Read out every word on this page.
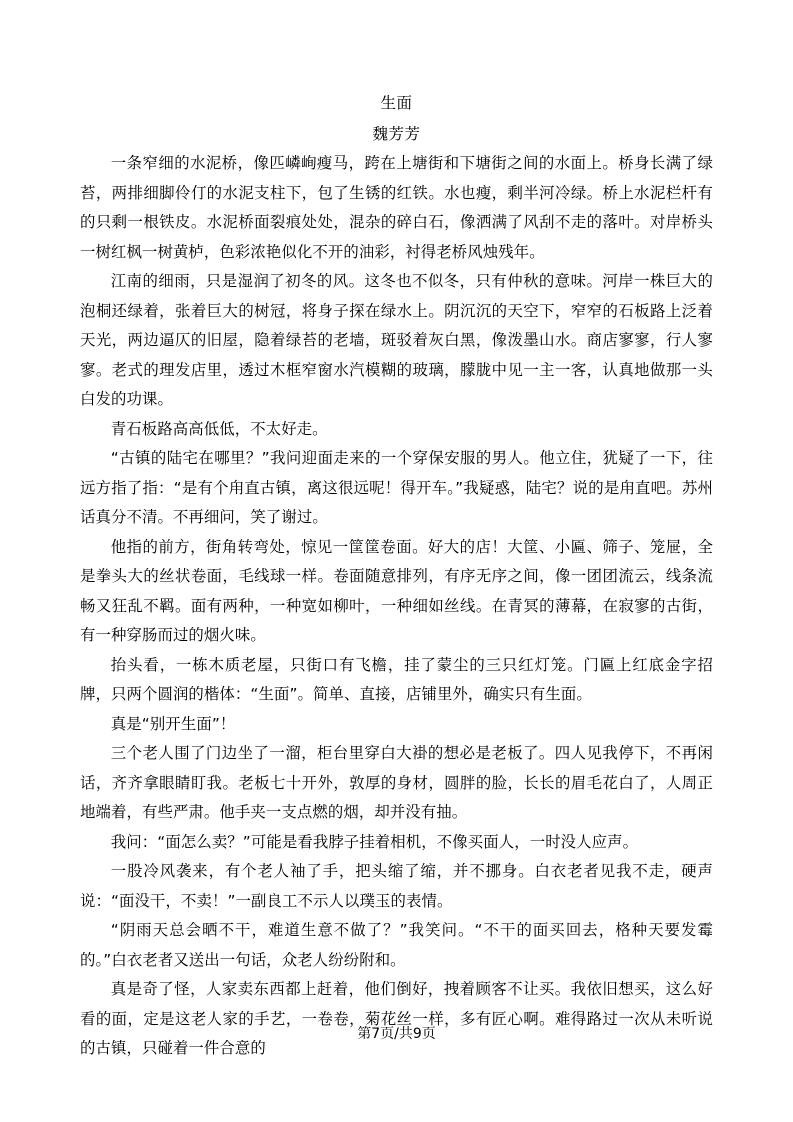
生面
魏芳芳

一条窄细的水泥桥，像匹嶙峋瘦马，跨在上塘街和下塘街之间的水面上。桥身长满了绿苔，两排细脚伶仃的水泥支柱下，包了生锈的红铁。水也瘦，剩半河冷绿。桥上水泥栏杆有的只剩一根铁皮。水泥桥面裂痕处处，混杂的碎白石，像洒满了风刮不走的落叶。对岸桥头一树红枫一树黄栌，色彩浓艳似化不开的油彩，衬得老桥风烛残年。

江南的细雨，只是湿润了初冬的风。这冬也不似冬，只有仲秋的意味。河岸一株巨大的泡桐还绿着，张着巨大的树冠，将身子探在绿水上。阴沉沉的天空下，窄窄的石板路上泛着天光，两边逼仄的旧屋，隐着绿苔的老墙，斑驳着灰白黑，像泼墨山水。商店寥寥，行人寥寥。老式的理发店里，透过木框窄窗水汽模糊的玻璃，朦胧中见一主一客，认真地做那一头白发的功课。

青石板路高高低低，不太好走。

“古镇的陆宅在哪里？”我问迎面走来的一个穿保安服的男人。他立住，犹疑了一下，往远方指了指：“是有个甪直古镇，离这很远呢！得开车。”我疑惑，陆宅？说的是甪直吧。苏州话真分不清。不再细问，笑了谢过。

他指的前方，街角转弯处，惊见一筐筐卷面。好大的店！大筐、小匾、筛子、笼屉，全是拳头大的丝状卷面，毛线球一样。卷面随意排列，有序无序之间，像一团团流云，线条流畅又狂乱不羁。面有两种，一种宽如柳叶，一种细如丝线。在青冥的薄幕，在寂寥的古街，有一种穿肠而过的烟火味。

抬头看，一栋木质老屋，只街口有飞檐，挂了蒙尘的三只红灯笼。门匾上红底金字招牌，只两个圆润的楷体：“生面”。简单、直接，店铺里外，确实只有生面。

真是“别开生面”！

三个老人围了门边坐了一溜，柜台里穿白大褂的想必是老板了。四人见我停下，不再闲话，齐齐拿眼睛盯我。老板七十开外，敦厚的身材，圆胖的脸，长长的眉毛花白了，人周正地端着，有些严肃。他手夹一支点燃的烟，却并没有抽。

我问：“面怎么卖？”可能是看我脖子挂着相机，不像买面人，一时没人应声。

一股冷风袭来，有个老人袖了手，把头缩了缩，并不挪身。白衣老者见我不走，硬声说：“面没干，不卖！”一副良工不示人以璞玉的表情。

“阴雨天总会晒不干，难道生意不做了？”我笑问。“不干的面买回去，格种天要发霉的。”白衣老者又送出一句话，众老人纷纷附和。

真是奇了怪，人家卖东西都上赶着，他们倒好，拽着顾客不让买。我依旧想买，这么好看的面，定是这老人家的手艺，一卷卷，菊花丝一样，多有匠心啊。难得路过一次从未听说的古镇，只碰着一件合意的

第7页/共9页
